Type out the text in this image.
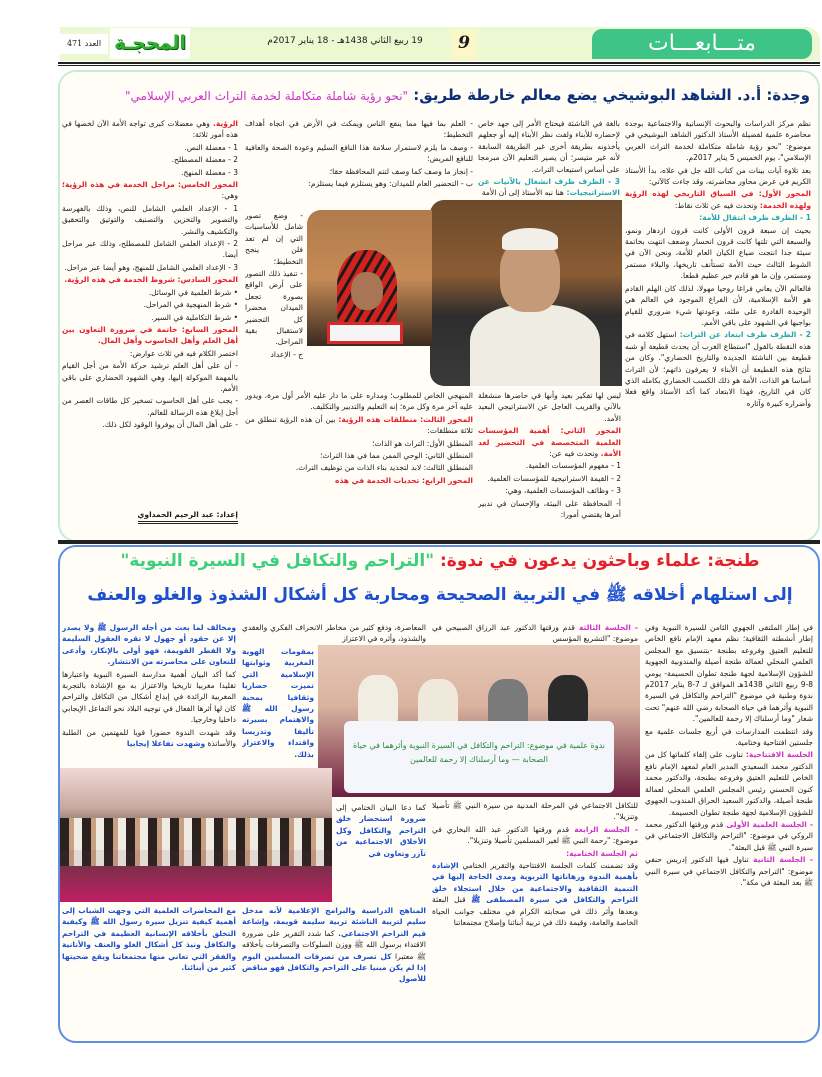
متـــابعـــات
9
19 ربيع الثاني 1438هـ - 18 يناير 2017م
المحجـة
العدد 471
وجدة: أ.د. الشاهد البوشيخي يضع معالم خارطة طريق: "نحو رؤية شاملة متكاملة لخدمة التراث العربي الإسلامي"

نظم مركز الدراسات والبحوث الإنسانية والاجتماعية بوجدة محاضرة علمية لفضيلة الأستاذ الدكتور الشاهد البوشيخي في موضوع: "نحو رؤية شاملة متكاملة لخدمة التراث العربي الإسلامي"، يوم الخميس 5 يناير 2017م.

بعد تلاوة آيات بينات من كتاب الله جل في علاه، بدأ الأستاذ الكريم في عرض محاور محاضرته، وقد جاءت كالآتي:

المحور الأول: في السياق التاريخي لهذه الرؤية ولهذه الخدمة: وتحدث فيه عن ثلاث نقاط:

1 - الظرف ظرف انتقال للأمة:

بحيث إن سبعة قرون الأولى كانت قرون ازدهار ونمو، والسبعة التي تلتها كانت قرون انحسار وضعف انتهت بخاتمة سيئة جدا انتجت ضياع الكيان العام للأمة، ونحن الآن في الشوط الثالث حيث الأمة تستأنف تاريخها، والبلاء مستمر ومستمر، وإن ما هو قادم خير عظيم قطعا.

فالعالم الآن يعاني فراغا روحيا مهولا، لذلك كان الهلم القادم هو الأمة الإسلامية، لأن الفراغ الموجود في العالم هي الوحيدة القادرة على ملئه، وعودتها شيء ضروري للقيام بواجبها في الشهود على باقي الأمم.

2 - الظرف ظرف ابتعاد عن التراث: استهل كلامه في هذه النقطة بالقول "استطاع الغرب أن يحدث قطيعة أو شبه قطيعة بين الناشئة الجديدة والتاريخ الحضاري". وكان من نتائج هذه القطيعة أن الأبناء لا يعرفون ذاتهم؛ لأن التراث أساسا هو الذات، الأمة هو ذلك الكسب الحضاري بكامله الذي كان في التاريخ، فهذا الابتعاد كما أكد الأستاذ واقع فعلا وأضراره كبيرة وآثاره

بالغة في الناشئة فيحتاج الأمر إلى جهد خاص لإحضاره للأبناء ولفت نظر الأبناء إليه أو جعلهم يأخذونه بطريقة أخرى غير الطريقة السابقة لأنه غير متيسر؛ أن يصير التعليم الآن مبرمجا على أساس استيعاب التراث.

3 - الظرف ظرف انشغال بالآنيات عن الاستراتيجيات: هنا نبه الأستاذ إلى أن الأمة

ليس لها تفكير بعيد وأنها في حاضرها منشغلة بالآني والقريب العاجل عن الاستراتيجي البعيد الأمد.

المحور الثاني: أهمية المؤسسات العلمية المتخصصة في التحضير لغد الأمة. وتحدث فيه عن:

1 - مفهوم المؤسسات العلمية.

2 - القيمة الاستراتيجية للمؤسسات العلمية.

3 - وظائف المؤسسات العلمية، وهي:

أ- المحافظة على البيئة، والإحسان في تدبير أمرها يقتضي أمورا:

- العلم بما فيها مما ينفع الناس ويمكث في الأرض في اتجاه أهداف التخطيط؛

- وصف ما يلزم لاستمرار سلامة هذا النافع السليم وعودة الصحة والعافية للنافع المريض؛

- إنجاز ما وصف كما وصف لتتم المحافظة حقا؛

ب - التحضير العام للميدان: وهو يستلزم فيما يستلزم:

- وضع تصور شامل للأساسيات التي إن لم تعد فلن ينجح التخطيط؛

- تنفيذ ذلك التصور على أرض الواقع بصورة تجعل الميدان محضرا كل التحضير لاستقبال بقية المراحل.

ج - الإعداد

المنهجي الخاص للمطلوب؛ ومداره على ما دار عليه الأمر أول مرة، ويدور عليه آخر مرة وكل مرة؛ إنه التعليم والتدبير والتكليف.

المحور الثالث: منطلقات هذه الرؤية: بين أن هذه الرؤية تنطلق من ثلاثة منطلقات:

المنطلق الأول: التراث هو الذات؛

المنطلق الثاني: الوحي الممن مما في هذا التراث؛

المنطلق الثالث: لابد لتجديد بناء الذات من توظيف التراث.

المحور الرابع: تحديات الخدمة في هذه

الرؤية. وهي معضلات كبرى تواجه الأمة الآن لخصها في هذه أمور ثلاثة:

1 - معضلة النص.

2 - معضلة المصطلح.

3 - معضلة المنهج.

المحور الخامس: مراحل الخدمة في هذه الرؤية؛ وهي:

1 - الإعداد العلمي الشامل للنص، وذلك بالفهرسة والتصوير والتخزين والتصنيف والتوثيق والتحقيق والتكشيف والنشر.

2 - الإعداد العلمي الشامل للمصطلح، وذلك عبر مراحل أيضا.

3 - الإعداد العلمي الشامل للمنهج، وهو أيضا عبر مراحل.

المحور السادس: شروط الخدمة في هذه الرؤية.

• شرط العلمية في الوسائل.

• شرط المنهجية في المراحل.

• شرط التكاملية في السير.

المحور السابع: خاتمة في ضرورة التعاون بين أهل العلم وأهل الحاسوب وأهل المال.

اختصر الكلام فيه في ثلاث عوارض:

- أن على أهل العلم ترشيد حركة الأمة من أجل القيام بالمهمة الموكولة إليها، وهي الشهود الحضاري على باقي الأمم.

- يجب على أهل الحاسوب تسخير كل طاقات العصر من أجل إبلاغ هذه الرسالة للعالم.

- على أهل المال أن يوفروا الوقود لكل ذلك.

إعداد: عبد الرحيم الحمداوي
طنجة: علماء وباحثون يدعون في ندوة: "التراحم والتكافل في السيرة النبوية"
إلى استلهام أخلاقه ﷺ في التربية الصحيحة ومحاربة كل أشكال الشذوذ والغلو والعنف

في إطار الملتقى الجهوي الثامن للسيرة النبوية وفي إطار أنشطته الثقافية؛ نظم معهد الإمام نافع الخاص للتعليم العتيق وفروعه بطنجة -بتنسيق مع المجلس العلمي المحلي لعمالة طنجة أصيلة والمندوبية الجهوية للشؤون الإسلامية لجهة طنجة تطوان الحسيمة- يومي 8-9 ربيع الثاني 1438هـ الموافق لـ 7-8 يناير 2017م ندوة وطنية في موضوع "التراحم والتكافل في السيرة النبوية وأثرهما في حياة الصحابة رضي الله عنهم" تحت شعار "وما أرسلناك إلا رحمة للعالمين".

وقد انتظمت المدارسات في أربع جلسات علمية مع جلستين افتتاحية وختامية.

الجلسة الافتتاحية: تناوب على إلقاء كلماتها كل من الدكتور محمد السعيدي المدير العام لمعهد الإمام نافع الخاص للتعليم العتيق وفروعه بطنجة، والدكتور محمد كنون الحسني رئيس المجلس العلمي المحلي لعمالة طنجة أصيلة، والدكتور السعيد الحراق المندوب الجهوي للشؤون الإسلامية لجهة طنجة تطوان الحسيمة.

- الجلسة العلمية الأولى قدم ورقتها الدكتور محمد الروكي في موضوع: "التراحم والتكافل الاجتماعي في سيرة النبي ﷺ قبل البعثة".

- الجلسة الثانية تناول فيها الدكتور إدريس حنفي موضوع: "التراحم والتكافل الاجتماعي في سيرة النبي ﷺ بعد البعثة في مكة".

- الجلسة الثالثة قدم ورقتها الدكتور عبد الرزاق الصبيحي في موضوع: "التشريع المؤسس

للتكافل الاجتماعي في المرحلة المدنية من سيرة النبي ﷺ تأصيلا وتنزيلا".

- الجلسة الرابعة قدم ورقتها الدكتور عبد الله البخاري في موضوع: "رحمة النبي ﷺ لغير المسلمين تأصيلا وتنزيلا".

ثم الجلسة الختامية:

وقد تضمنت كلمات الجلسة الافتتاحية والتقرير الختامي الإشادة بأهمية الندوة ورهاناتها التربوية ومدى الحاجة إليها في التنمية الثقافية والاجتماعية من خلال استجلاء خلق التراحم والتكافل في سيرة المصطفى ﷺ قبل البعثة وبعدها وأثر ذلك في صحابته الكرام في مختلف جوانب الحياة الخاصة والعامة، وقيمة ذلك في تربية أبنائنا وإصلاح مجتمعاتنا

المعاصرة، ودفع كثير من مخاطر الانحراف الفكري والعقدي والشذوذ، وأثره في الاعتزاز

بمقومات الهوية المغربية وثوابتها الإسلامية التي تميزت حضاريا وثقافيا بمحبة رسول الله ﷺ والاهتمام بسيرته تأليفا وتدريسا واقتداء والاعتزاز بذلك.

كما دعا البيان الختامي إلى ضرورة استحضار خلق التراحم والتكافل وكل الأخلاق الاجتماعية من تآزر وتعاون في

المناهج الدراسية والبرامج الإعلامية لأنه مدخل سليم لتربية الناشئة تربية سليمة قويمة، وإشاعة قيم التراحم الاجتماعي. كما شدد التقرير على ضرورة الاقتداء برسول الله ﷺ ووزن السلوكات والتصرفات بأخلاقه ﷺ معتبرا كل تصرف من تصرفات المسلمين اليوم إذا لم يكن مبنيا على التراحم والتكافل فهو مناقض للأصول

ومخالف لما بعث من أجله الرسول ﷺ ولا يصدر إلا عن حقود أو جهول لا تقره العقول السليمة ولا الفطر القويمة، فهو أولى بالإنكار، وأدعى للتعاون على محاصرته من الانتشار.

كما أكد البيان أهمية مدارسة السيرة النبوية واعتبارها تقليدا مغربيا تاريخيا والاعتزاز به مع الإشادة بالتجربة المغربية الرائدة في إبداع أشكال من التكافل والتراحم كان لها أثرها الفعال في توجيه البلاد نحو التفاعل الإيجابي داخليا وخارجيا.

وقد شهدت الندوة حضورا قويا للمهتمين من الطلبة والأساتذة وشهدت تفاعلا إيجابيا

مع المحاضرات العلمية التي وجهت الشباب إلى أهمية كيفية تنزيل سيرة رسول الله ﷺ وكيفية التخلق بأخلاقه الإنسانية العظيمة في التراحم والتكافل ونبذ كل أشكال الغلو والعنف والأنانية والفقر التي تعاني منها مجتمعاتنا ويقع ضحيتها كثير من أبنائنا.

ندوة علمية في موضوع: التراحم والتكافل في السيرة النبوية وأثرهما في حياة الصحابة — وما أرسلناك إلا رحمة للعالمين
